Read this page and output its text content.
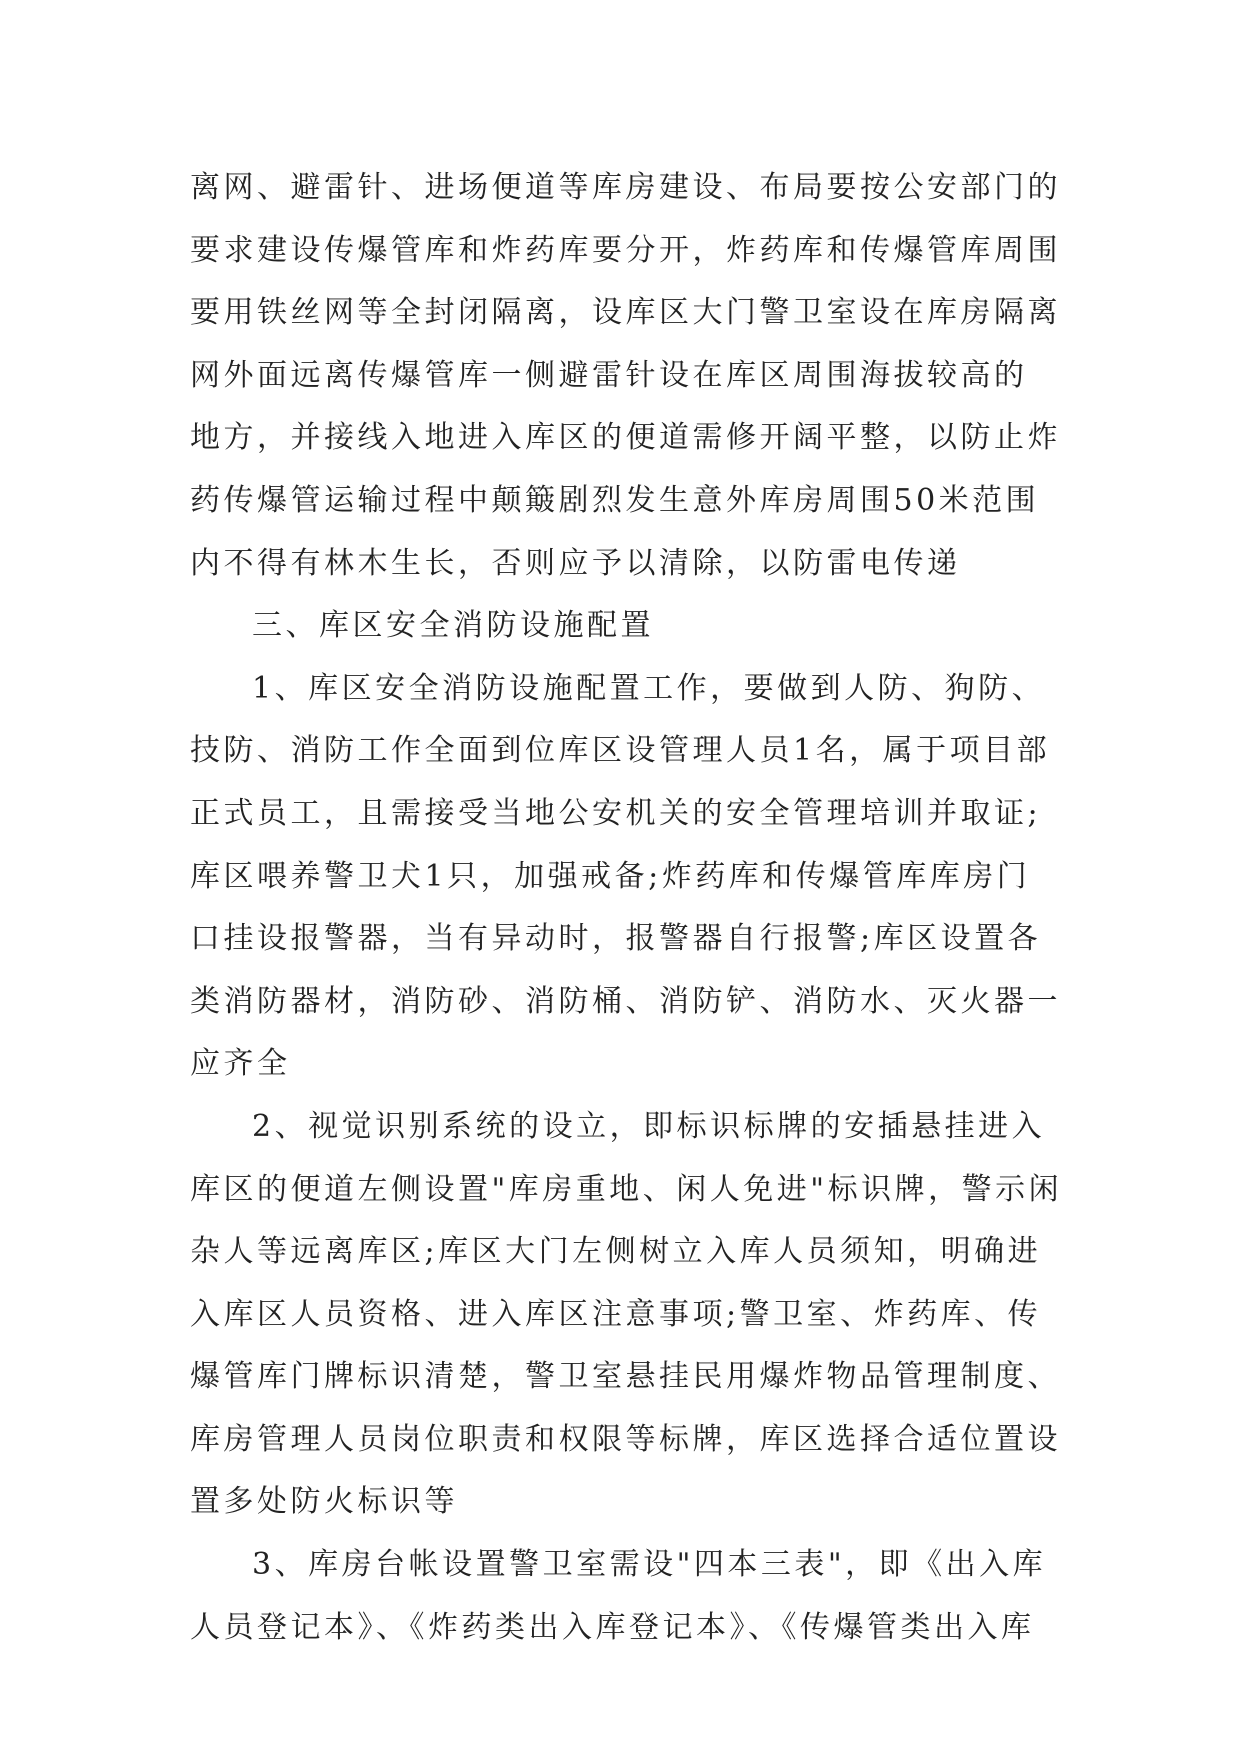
离网、避雷针、进场便道等库房建设、布局要按公安部门的
要求建设传爆管库和炸药库要分开，炸药库和传爆管库周围
要用铁丝网等全封闭隔离，设库区大门警卫室设在库房隔离
网外面远离传爆管库一侧避雷针设在库区周围海拔较高的
地方，并接线入地进入库区的便道需修开阔平整，以防止炸
药传爆管运输过程中颠簸剧烈发生意外库房周围50米范围
内不得有林木生长，否则应予以清除，以防雷电传递
三、库区安全消防设施配置
1、库区安全消防设施配置工作，要做到人防、狗防、
技防、消防工作全面到位库区设管理人员1名，属于项目部
正式员工，且需接受当地公安机关的安全管理培训并取证;
库区喂养警卫犬1只，加强戒备;炸药库和传爆管库库房门
口挂设报警器，当有异动时，报警器自行报警;库区设置各
类消防器材，消防砂、消防桶、消防铲、消防水、灭火器一
应齐全
2、视觉识别系统的设立，即标识标牌的安插悬挂进入
库区的便道左侧设置"库房重地、闲人免进"标识牌，警示闲
杂人等远离库区;库区大门左侧树立入库人员须知，明确进
入库区人员资格、进入库区注意事项;警卫室、炸药库、传
爆管库门牌标识清楚，警卫室悬挂民用爆炸物品管理制度、
库房管理人员岗位职责和权限等标牌，库区选择合适位置设
置多处防火标识等
3、库房台帐设置警卫室需设"四本三表"，即《出入库
人员登记本》、《炸药类出入库登记本》、《传爆管类出入库
